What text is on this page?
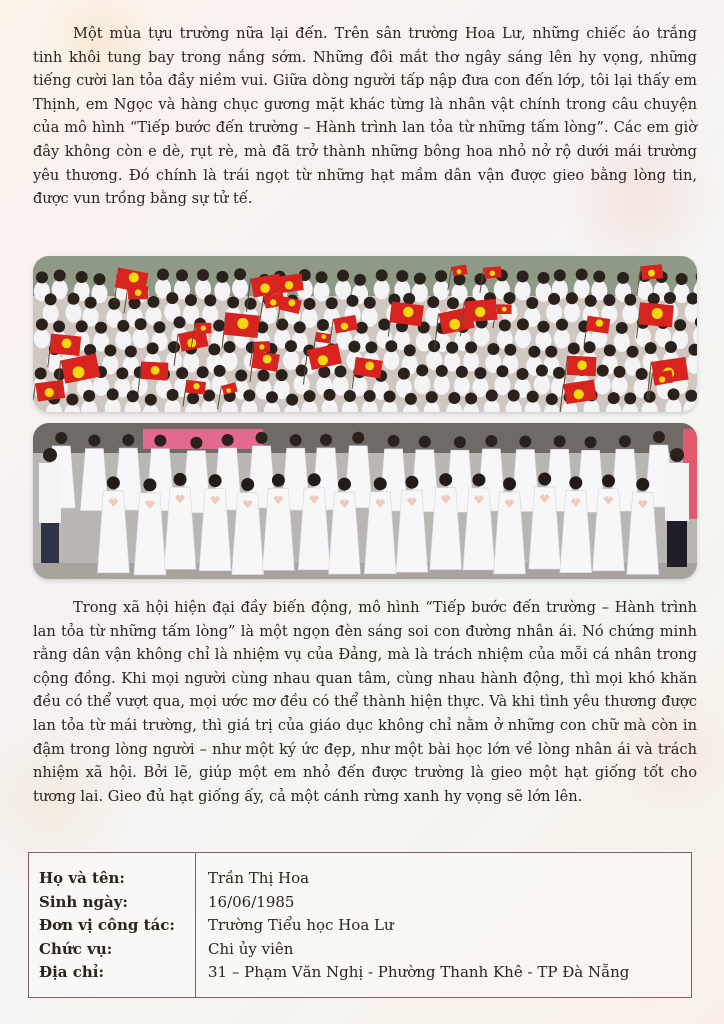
Một mùa tựu trường nữa lại đến. Trên sân trường Hoa Lư, những chiếc áo trắng tinh khôi tung bay trong nắng sớm. Những đôi mắt thơ ngây sáng lên hy vọng, những tiếng cười lan tỏa đầy niềm vui. Giữa dòng người tấp nập đưa con đến lớp, tôi lại thấy em Thịnh, em Ngọc và hàng chục gương mặt khác từng là nhân vật chính trong câu chuyện của mô hình “Tiếp bước đến trường – Hành trình lan tỏa từ những tấm lòng”. Các em giờ đây không còn e dè, rụt rè, mà đã trở thành những bông hoa nhỏ nở rộ dưới mái trường yêu thương. Đó chính là trái ngọt từ những hạt mầm dân vận được gieo bằng lòng tin, được vun trồng bằng sự tử tế.

Trong xã hội hiện đại đầy biến động, mô hình “Tiếp bước đến trường – Hành trình lan tỏa từ những tấm lòng” là một ngọn đèn sáng soi con đường nhân ái. Nó chứng minh rằng dân vận không chỉ là nhiệm vụ của Đảng, mà là trách nhiệm của mỗi cá nhân trong cộng đồng. Khi mọi người cùng nhau quan tâm, cùng nhau hành động, thì mọi khó khăn đều có thể vượt qua, mọi ước mơ đều có thể thành hiện thực. Và khi tình yêu thương được lan tỏa từ mái trường, thì giá trị của giáo dục không chỉ nằm ở những con chữ mà còn in đậm trong lòng người – như một ký ức đẹp, như một bài học lớn về lòng nhân ái và trách nhiệm xã hội. Bởi lẽ, giúp một em nhỏ đến được trường là gieo một hạt giống tốt cho tương lai. Gieo đủ hạt giống ấy, cả một cánh rừng xanh hy vọng sẽ lớn lên.

Họ và tên:
Sinh ngày:
Đơn vị công tác:
Chức vụ:
Địa chỉ:
Trần Thị Hoa
16/06/1985
Trường Tiểu học Hoa Lư
Chi ủy viên
31 – Phạm Văn Nghị - Phường Thanh Khê - TP Đà Nẵng
